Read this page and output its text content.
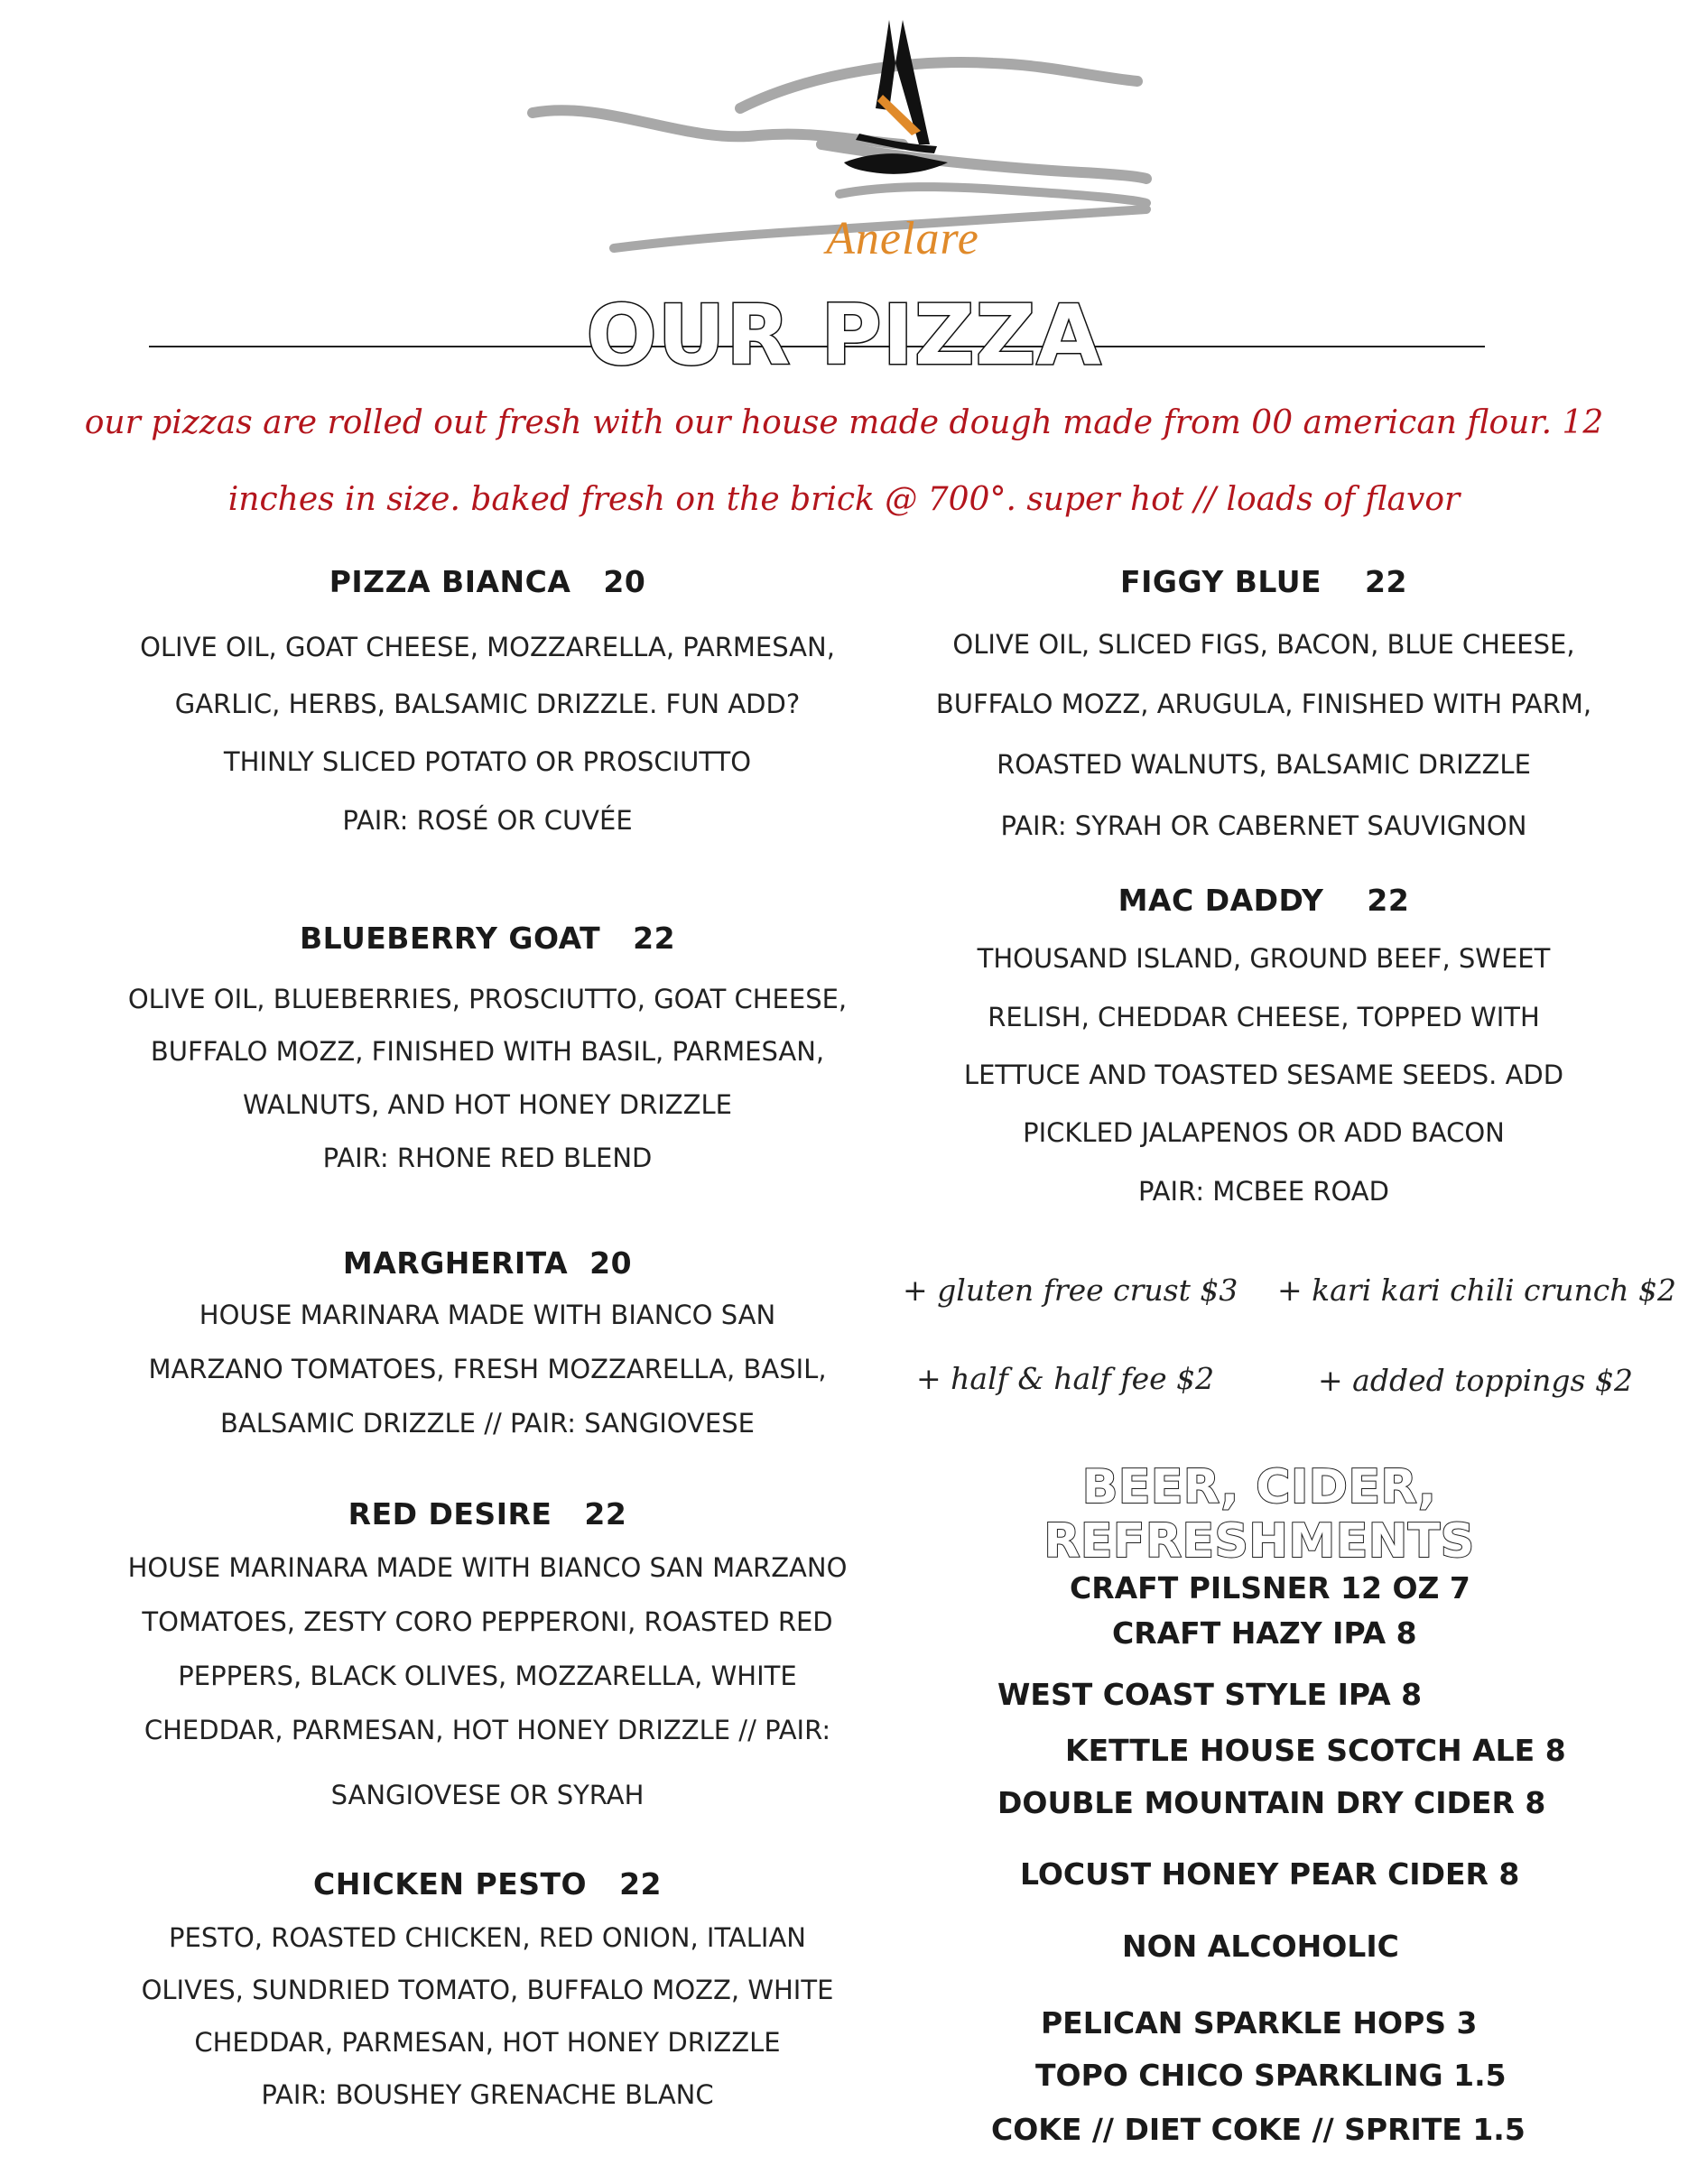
Anelare
OUR PIZZA
our pizzas are rolled out fresh with our house made dough made from 00 american flour. 12
inches in size. baked fresh on the brick @ 700°. super hot // loads of flavor
PIZZA BIANCA 20
OLIVE OIL, GOAT CHEESE, MOZZARELLA, PARMESAN,
GARLIC, HERBS, BALSAMIC DRIZZLE. FUN ADD?
THINLY SLICED POTATO OR PROSCIUTTO
PAIR: ROSÉ OR CUVÉE
BLUEBERRY GOAT 22
OLIVE OIL, BLUEBERRIES, PROSCIUTTO, GOAT CHEESE,
BUFFALO MOZZ, FINISHED WITH BASIL, PARMESAN,
WALNUTS, AND HOT HONEY DRIZZLE
PAIR: RHONE RED BLEND
MARGHERITA 20
HOUSE MARINARA MADE WITH BIANCO SAN
MARZANO TOMATOES, FRESH MOZZARELLA, BASIL,
BALSAMIC DRIZZLE // PAIR: SANGIOVESE
RED DESIRE 22
HOUSE MARINARA MADE WITH BIANCO SAN MARZANO
TOMATOES, ZESTY CORO PEPPERONI, ROASTED RED
PEPPERS, BLACK OLIVES, MOZZARELLA, WHITE
CHEDDAR, PARMESAN, HOT HONEY DRIZZLE // PAIR:
SANGIOVESE OR SYRAH
CHICKEN PESTO 22
PESTO, ROASTED CHICKEN, RED ONION, ITALIAN
OLIVES, SUNDRIED TOMATO, BUFFALO MOZZ, WHITE
CHEDDAR, PARMESAN, HOT HONEY DRIZZLE
PAIR: BOUSHEY GRENACHE BLANC
FIGGY BLUE 22
OLIVE OIL, SLICED FIGS, BACON, BLUE CHEESE,
BUFFALO MOZZ, ARUGULA, FINISHED WITH PARM,
ROASTED WALNUTS, BALSAMIC DRIZZLE
PAIR: SYRAH OR CABERNET SAUVIGNON
MAC DADDY 22
THOUSAND ISLAND, GROUND BEEF, SWEET
RELISH, CHEDDAR CHEESE, TOPPED WITH
LETTUCE AND TOASTED SESAME SEEDS. ADD
PICKLED JALAPENOS OR ADD BACON
PAIR: MCBEE ROAD
+ gluten free crust $3 + kari kari chili crunch $2
+ half & half fee $2	+ added toppings $2
BEER, CIDER, REFRESHMENTS
CRAFT PILSNER 12 OZ 7
CRAFT HAZY IPA 8
WEST COAST STYLE IPA 8
KETTLE HOUSE SCOTCH ALE 8
DOUBLE MOUNTAIN DRY CIDER 8
LOCUST HONEY PEAR CIDER 8
NON ALCOHOLIC
PELICAN SPARKLE HOPS 3
TOPO CHICO SPARKLING 1.5
COKE // DIET COKE // SPRITE 1.5
